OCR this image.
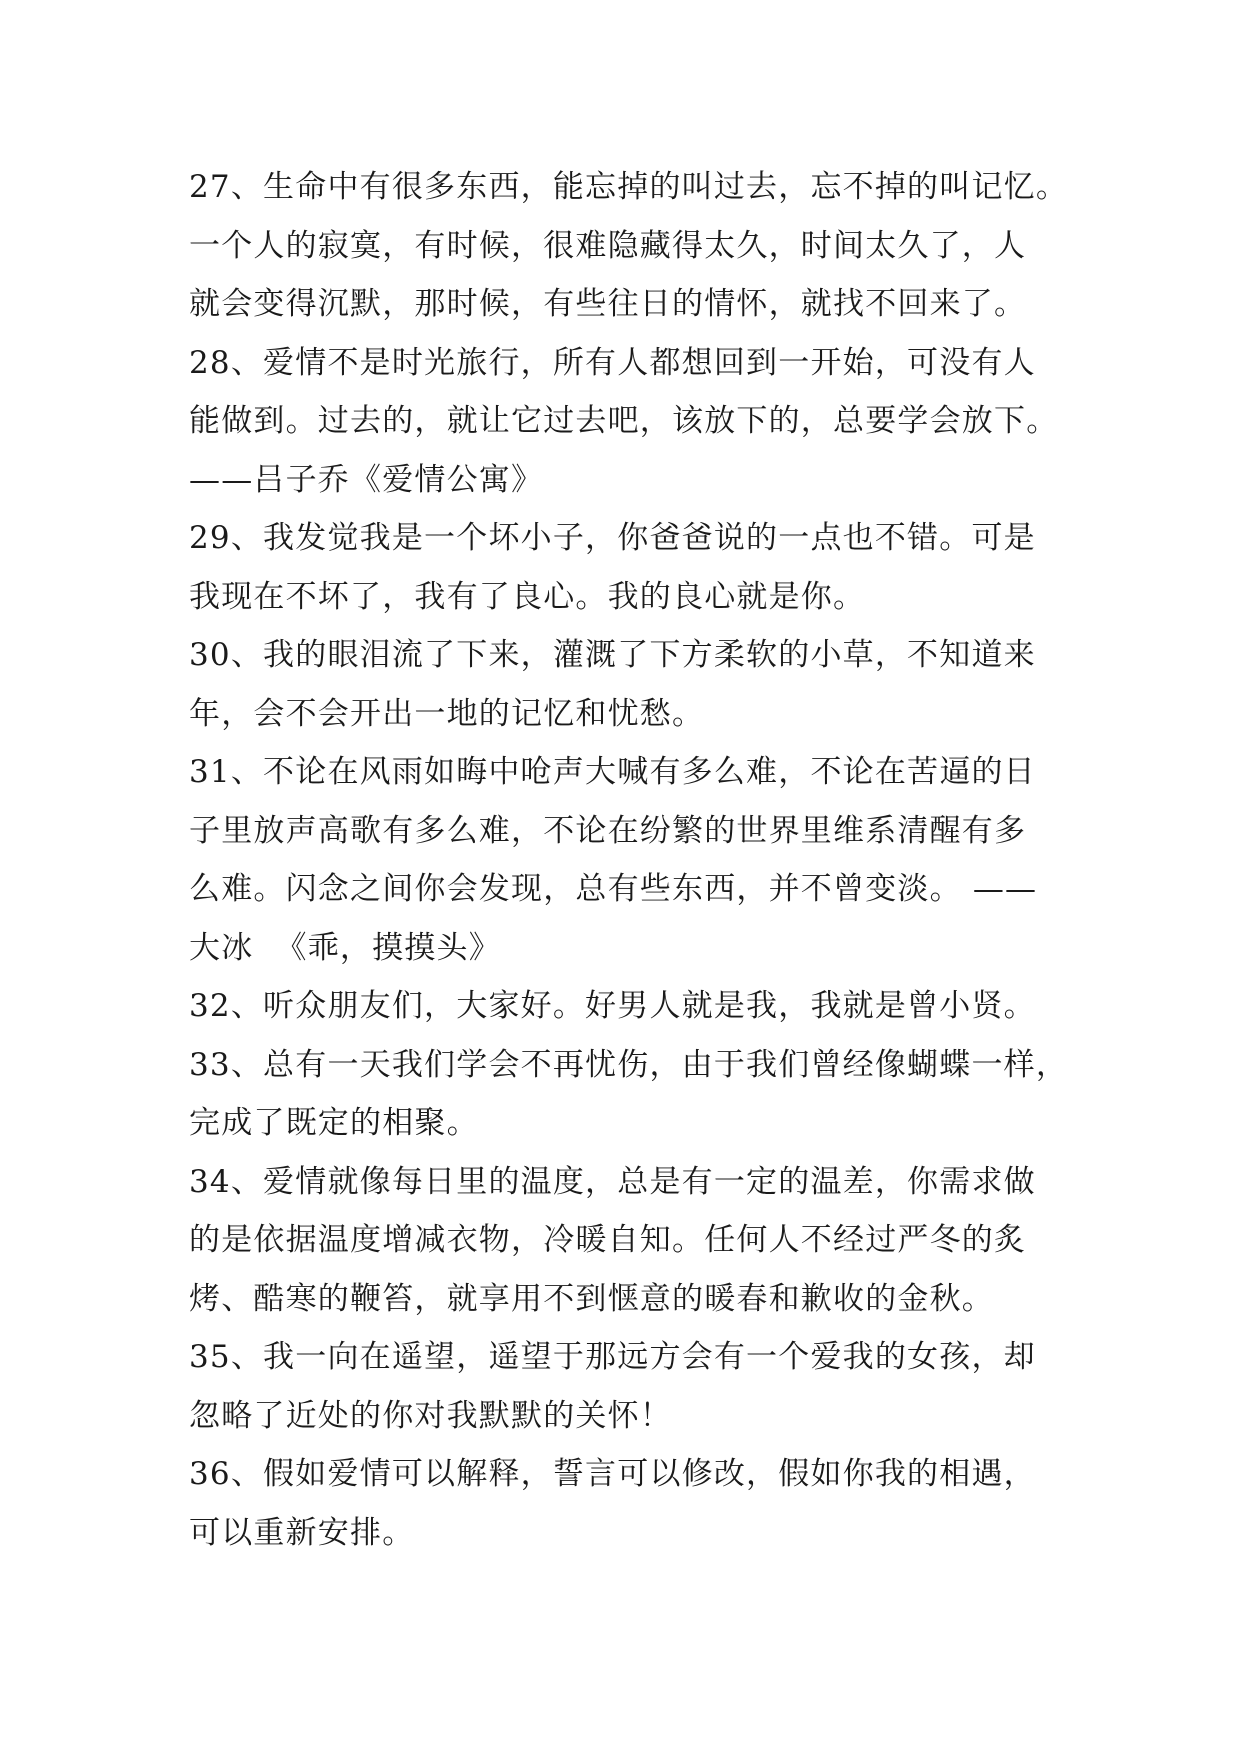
27、生命中有很多东西，能忘掉的叫过去，忘不掉的叫记忆。
一个人的寂寞，有时候，很难隐藏得太久，时间太久了，人
就会变得沉默，那时候，有些往日的情怀，就找不回来了。
28、爱情不是时光旅行，所有人都想回到一开始，可没有人
能做到。过去的，就让它过去吧，该放下的，总要学会放下。
——吕子乔《爱情公寓》
29、我发觉我是一个坏小子，你爸爸说的一点也不错。可是
我现在不坏了，我有了良心。我的良心就是你。
30、我的眼泪流了下来，灌溉了下方柔软的小草，不知道来
年，会不会开出一地的记忆和忧愁。
31、不论在风雨如晦中呛声大喊有多么难，不论在苦逼的日
子里放声高歌有多么难，不论在纷繁的世界里维系清醒有多
么难。闪念之间你会发现，总有些东西，并不曾变淡。 ——
大冰  《乖，摸摸头》
32、听众朋友们，大家好。好男人就是我，我就是曾小贤。
33、总有一天我们学会不再忧伤，由于我们曾经像蝴蝶一样，
完成了既定的相聚。
34、爱情就像每日里的温度，总是有一定的温差，你需求做
的是依据温度增减衣物，冷暖自知。任何人不经过严冬的炙
烤、酷寒的鞭笞，就享用不到惬意的暖春和歉收的金秋。
35、我一向在遥望，遥望于那远方会有一个爱我的女孩，却
忽略了近处的你对我默默的关怀！
36、假如爱情可以解释，誓言可以修改，假如你我的相遇，
可以重新安排。
